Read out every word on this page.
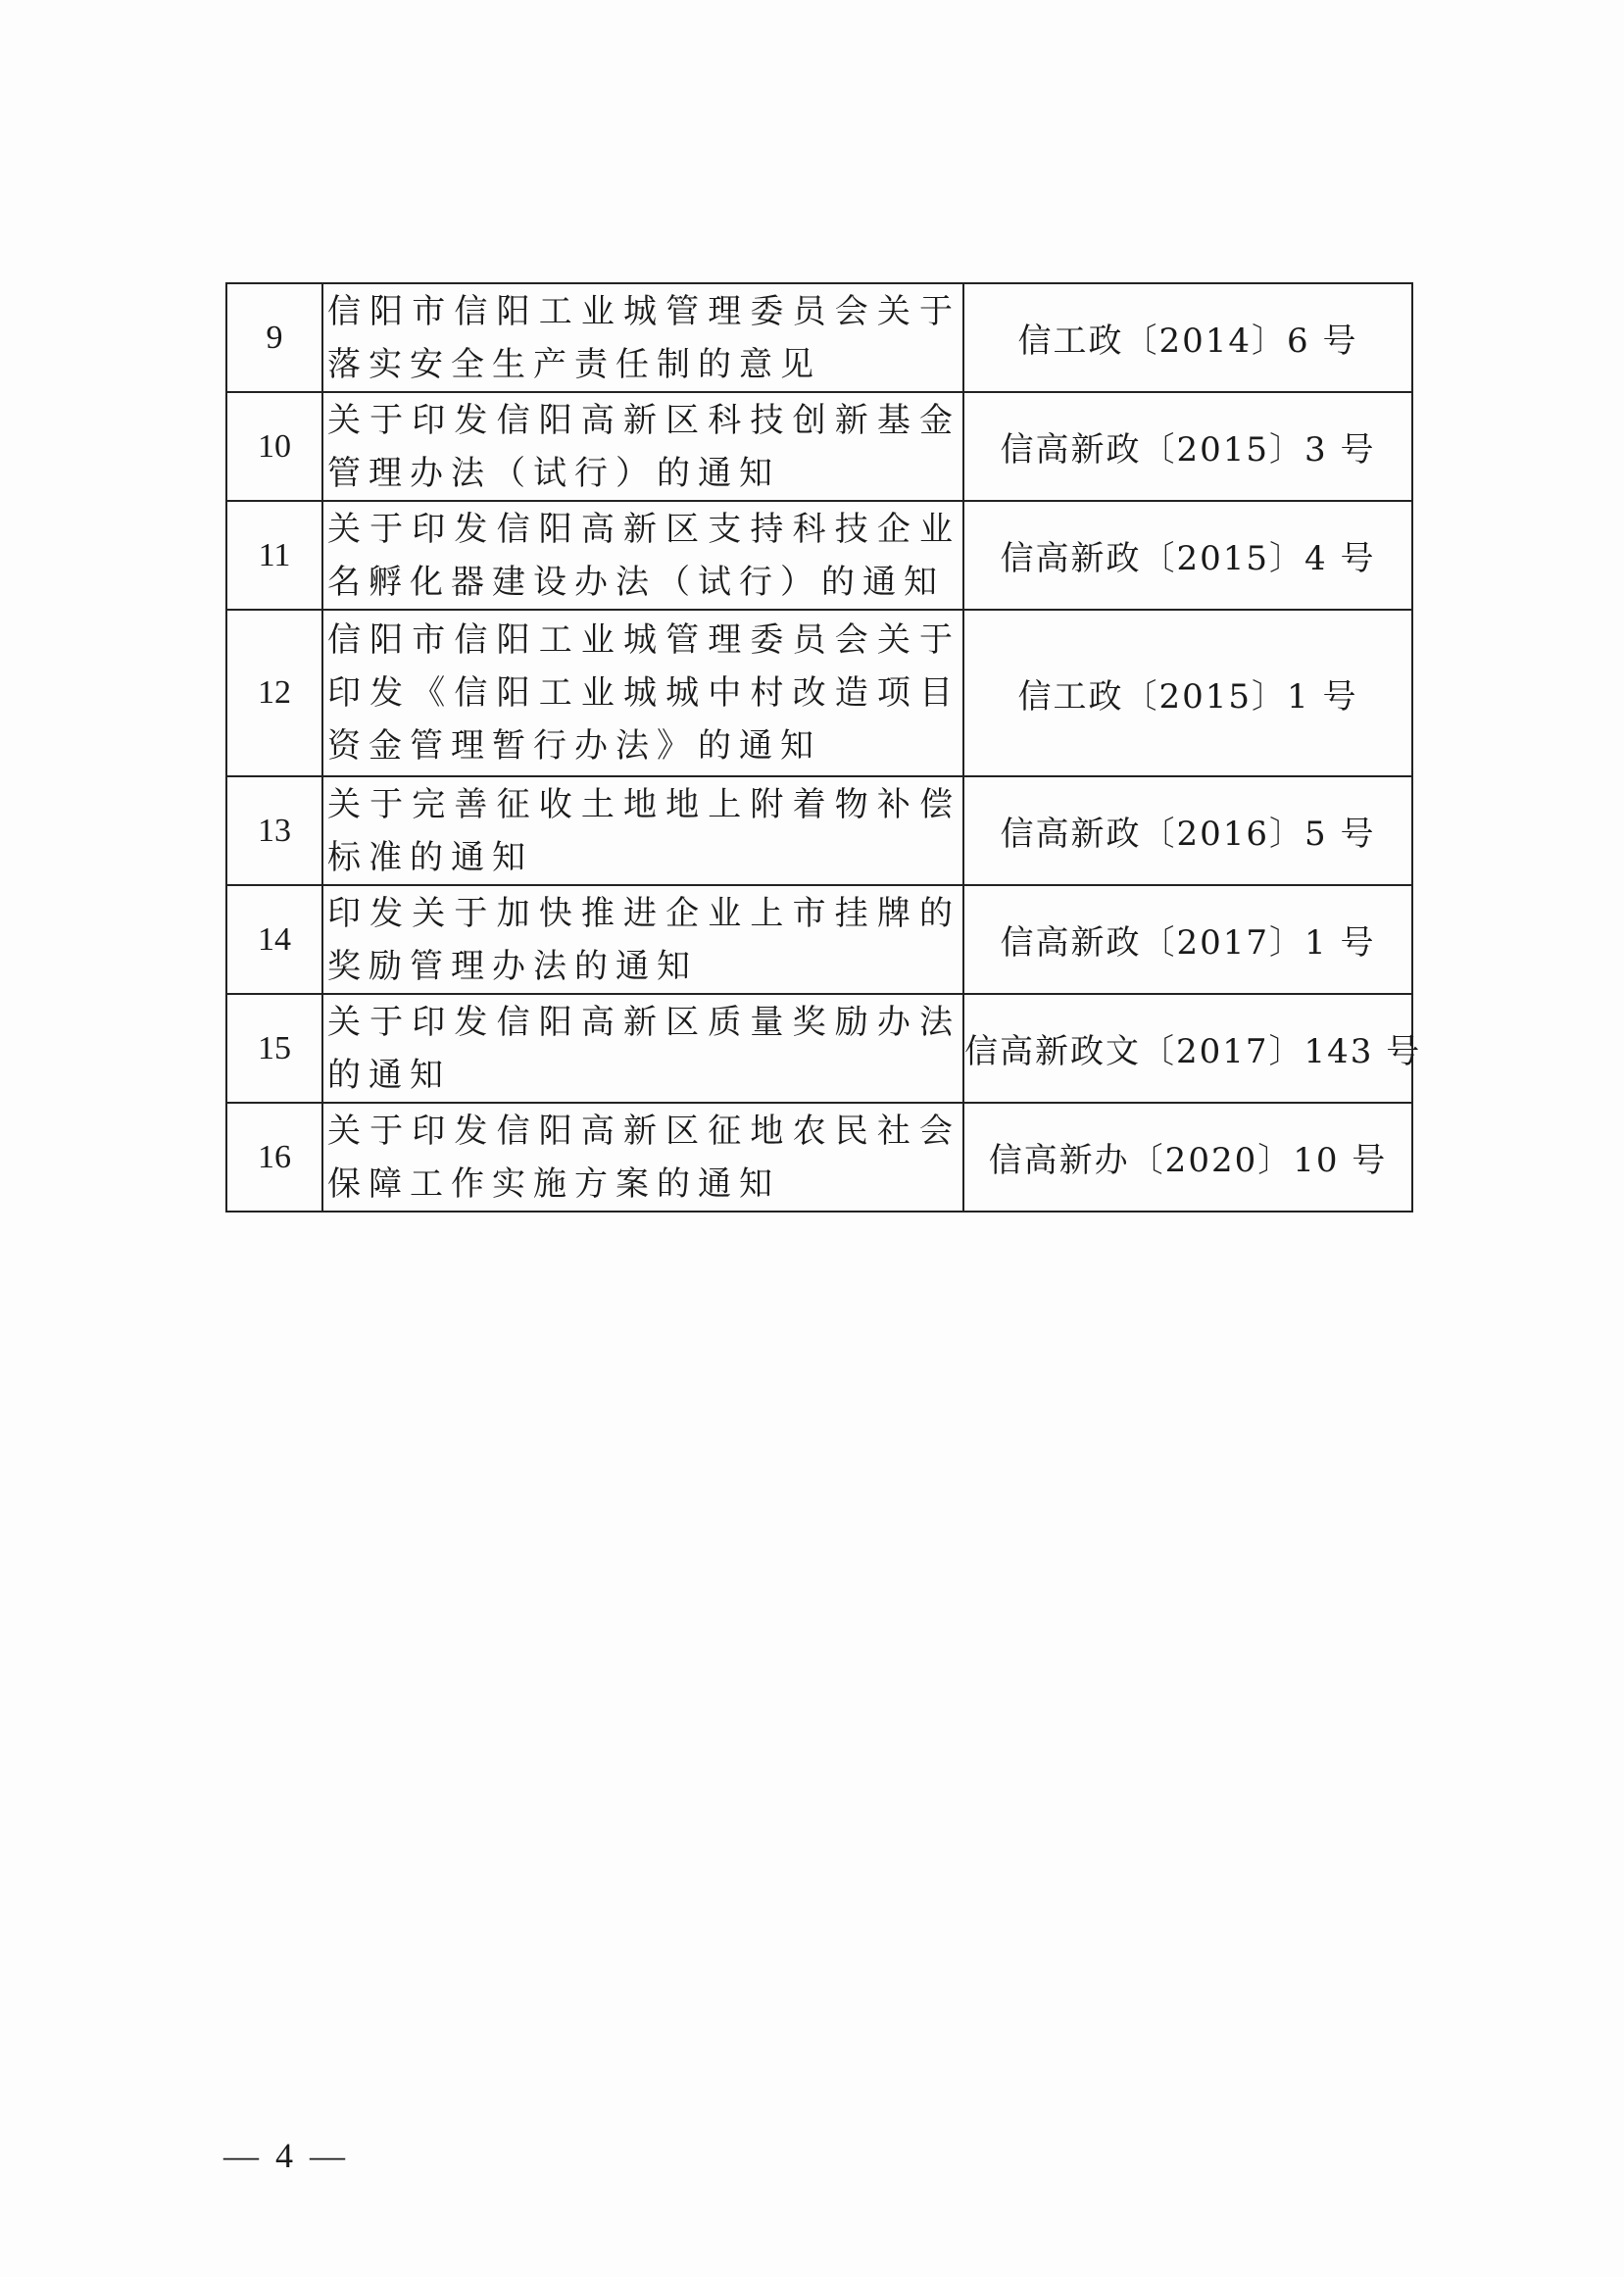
9	信阳市信阳工业城管理委员会关于落实安全生产责任制的意见	信工政〔2014〕6 号
10	关于印发信阳高新区科技创新基金管理办法（试行）的通知	信高新政〔2015〕3 号
11	关于印发信阳高新区支持科技企业名孵化器建设办法（试行）的通知	信高新政〔2015〕4 号
12	信阳市信阳工业城管理委员会关于印发《信阳工业城城中村改造项目资金管理暂行办法》的通知	信工政〔2015〕1 号
13	关于完善征收土地地上附着物补偿标准的通知	信高新政〔2016〕5 号
14	印发关于加快推进企业上市挂牌的奖励管理办法的通知	信高新政〔2017〕1 号
15	关于印发信阳高新区质量奖励办法的通知	信高新政文〔2017〕143 号
16	关于印发信阳高新区征地农民社会保障工作实施方案的通知	信高新办〔2020〕10 号
— 4 —
